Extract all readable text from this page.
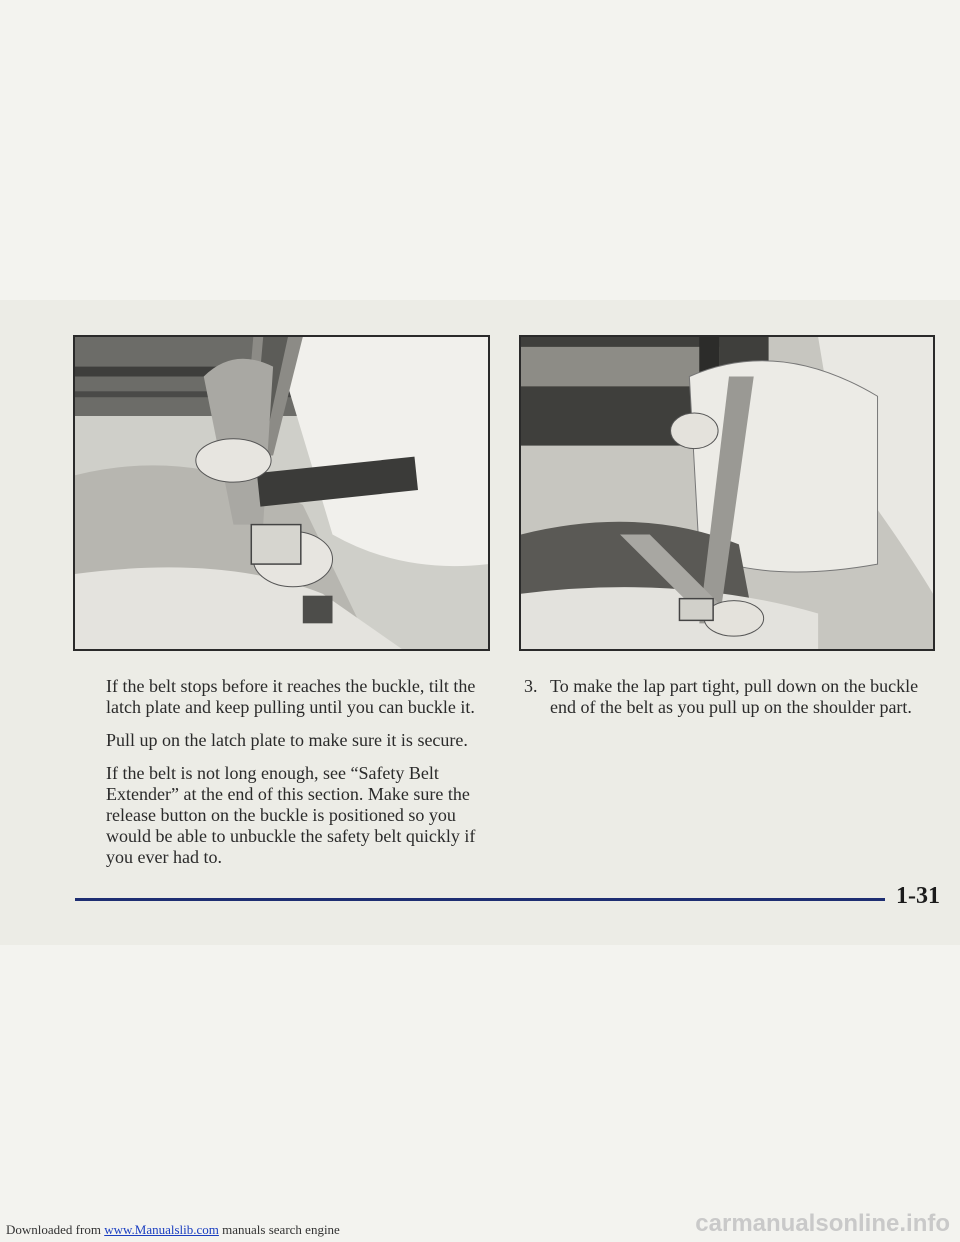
If the belt stops before it reaches the buckle, tilt the latch plate and keep pulling until you can buckle it.

Pull up on the latch plate to make sure it is secure.

If the belt is not long enough, see “Safety Belt Extender” at the end of this section. Make sure the release button on the buckle is positioned so you would be able to unbuckle the safety belt quickly if you ever had to.

3. To make the lap part tight, pull down on the buckle end of the belt as you pull up on the shoulder part.
1-31
Downloaded from www.Manualslib.com manuals search engine	carmanualsonline.info
